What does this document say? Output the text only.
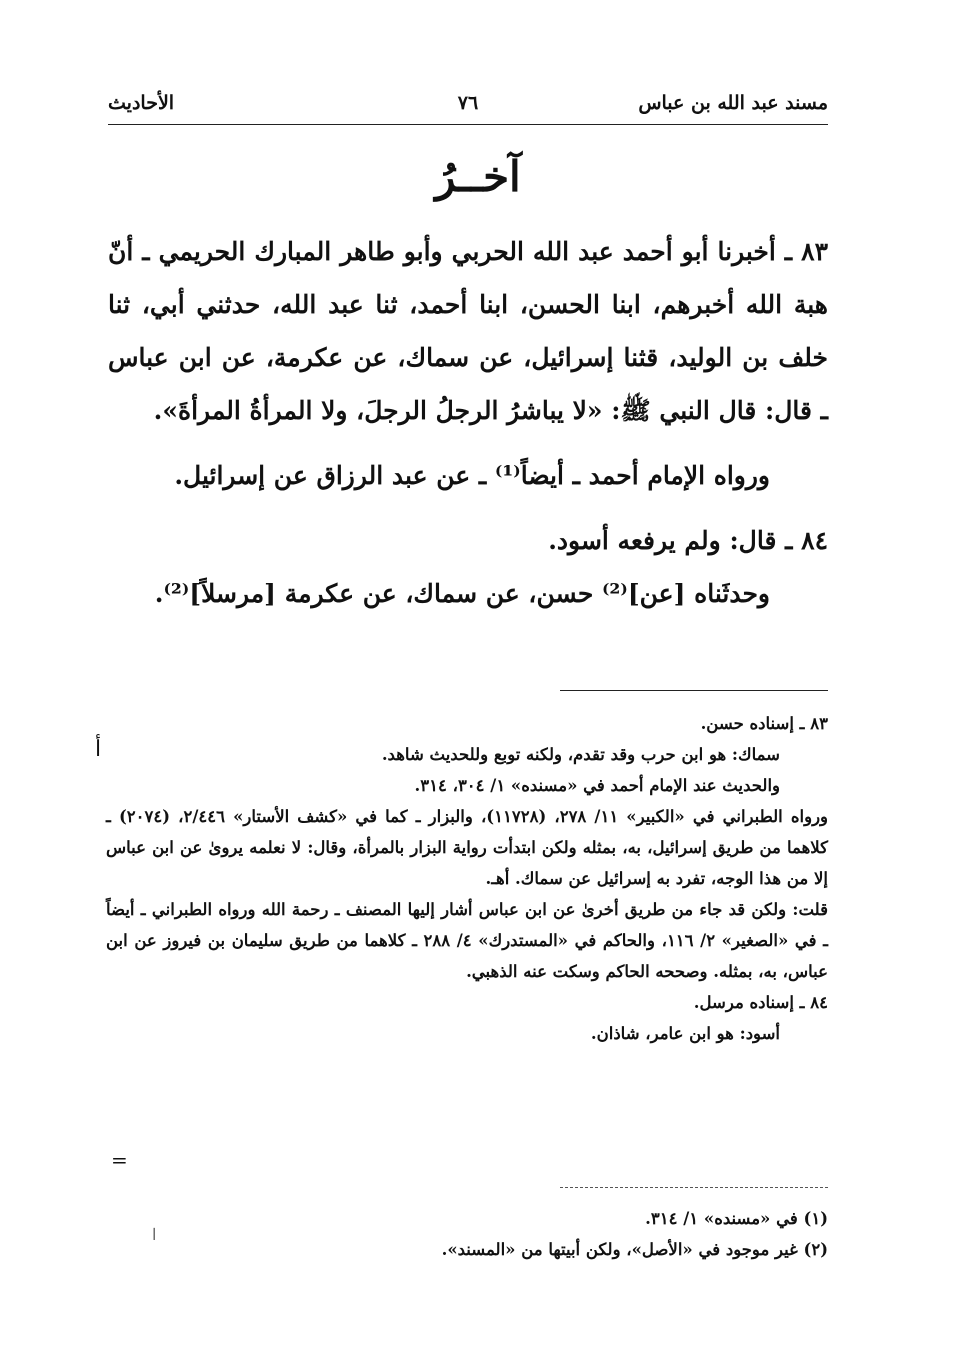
مسند عبد الله بن عباس
٧٦
الأحاديث
آخــرُ

٨٣ ـ أخبرنا أبو أحمد عبد الله الحربي وأبو طاهر المبارك الحريمي ـ أنّ هبة الله أخبرهم، ابنا الحسن، ابنا أحمد، ثنا عبد الله، حدثني أبي، ثنا خلف بن الوليد، قثنا إسرائيل، عن سماك، عن عكرمة، عن ابن عباس ـ قال: قال النبي ﷺ: «لا يباشرُ الرجلُ الرجلَ، ولا المرأةُ المرأةَ».

ورواه الإمام أحمد ـ أيضاً⁽¹⁾ ـ عن عبد الرزاق عن إسرائيل.

٨٤ ـ قال: ولم يرفعه أسود.

وحدثَناه [عن]⁽²⁾ حسن، عن سماك، عن عكرمة [مرسلاً]⁽²⁾.

٨٣ ـ إسناده حسن.

سماك: هو ابن حرب وقد تقدم، ولكنه توبع وللحديث شاهد.

والحديث عند الإمام أحمد في «مسنده» ١/ ٣٠٤، ٣١٤.

ورواه الطبراني في «الكبير» ١١/ ٢٧٨، (١١٧٢٨)، والبزار ـ كما في «كشف الأستار» ٢/٤٤٦، (٢٠٧٤) ـ كلاهما من طريق إسرائيل، به، بمثله ولكن ابتدأت رواية البزار بالمرأة، وقال: لا نعلمه يروىٰ عن ابن عباس إلا من هذا الوجه، تفرد به إسرائيل عن سماك. أهـ.

قلت: ولكن قد جاء من طريق أخرىٰ عن ابن عباس أشار إليها المصنف ـ رحمة الله ورواه الطبراني ـ أيضاً ـ في «الصغير» ٢/ ١١٦، والحاكم في «المستدرك» ٤/ ٢٨٨ ـ كلاهما من طريق سليمان بن فيروز عن ابن عباس، به، بمثله. وصححه الحاكم وسكت عنه الذهبي.

٨٤ ـ إسناده مرسل.

أسود: هو ابن عامر، شاذان.

(١) في «مسنده» ١/ ٣١٤.

(٢) غير موجود في «الأصل»، ولكن أبيتها من «المسند».

أ
=
ا
